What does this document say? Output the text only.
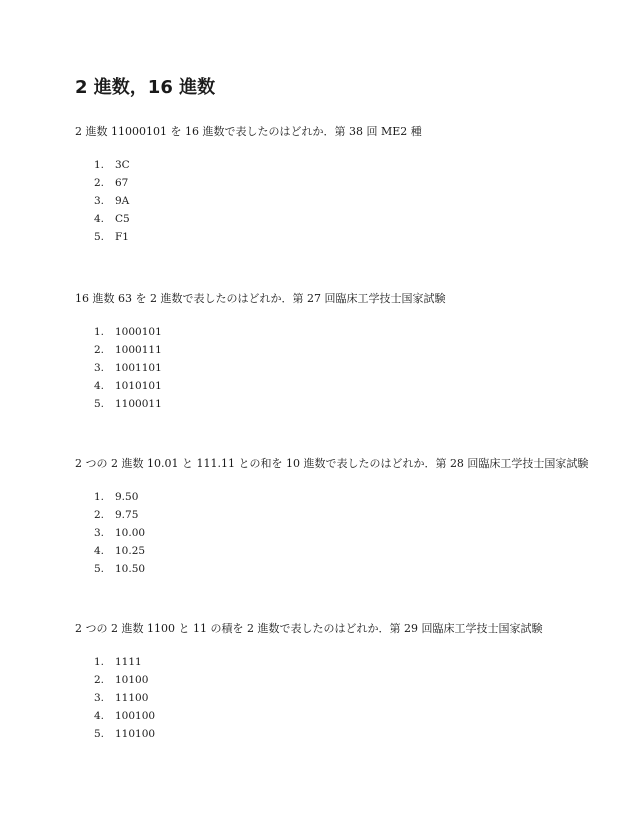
2 進数，16 進数

2 進数 11000101 を 16 進数で表したのはどれか．第 38 回 ME2 種

1.	3C
2.	67
3.	9A
4.	C5
5.	F1

16 進数 63 を 2 進数で表したのはどれか．第 27 回臨床工学技士国家試験

1.	1000101
2.	1000111
3.	1001101
4.	1010101
5.	1100011

2 つの 2 進数 10.01 と 111.11 との和を 10 進数で表したのはどれか．第 28 回臨床工学技士国家試験

1.	9.50
2.	9.75
3.	10.00
4.	10.25
5.	10.50

2 つの 2 進数 1100 と 11 の積を 2 進数で表したのはどれか．第 29 回臨床工学技士国家試験

1.	1111
2.	10100
3.	11100
4.	100100
5.	110100
